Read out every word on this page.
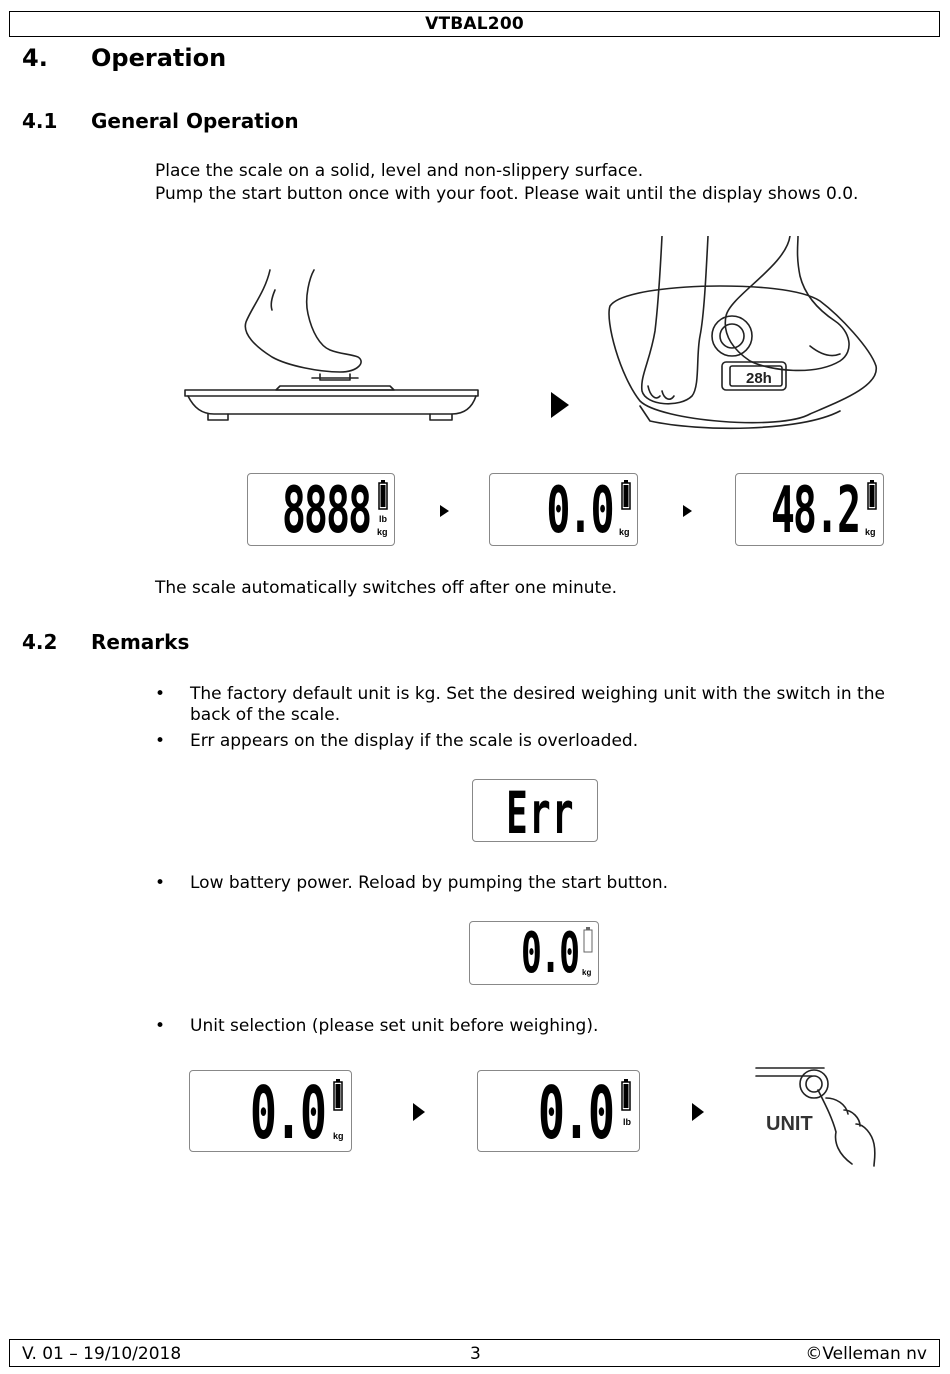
VTBAL200
4. Operation
4.1 General Operation
Place the scale on a solid, level and non-slippery surface.
Pump the start button once with your foot. Please wait until the display shows 0.0.
28h
8888 lb
kg 0.0 kg 48.2 kg
The scale automatically switches off after one minute.
4.2 Remarks
• The factory default unit is kg. Set the desired weighing unit with the switch in the back of the scale.
• Err appears on the display if the scale is overloaded.
Err
• Low battery power. Reload by pumping the start button.
0.0 kg
• Unit selection (please set unit before weighing).
0.0 kg	0.0 lb	UNIT
V. 01 – 19/10/2018	3	©Velleman nv
